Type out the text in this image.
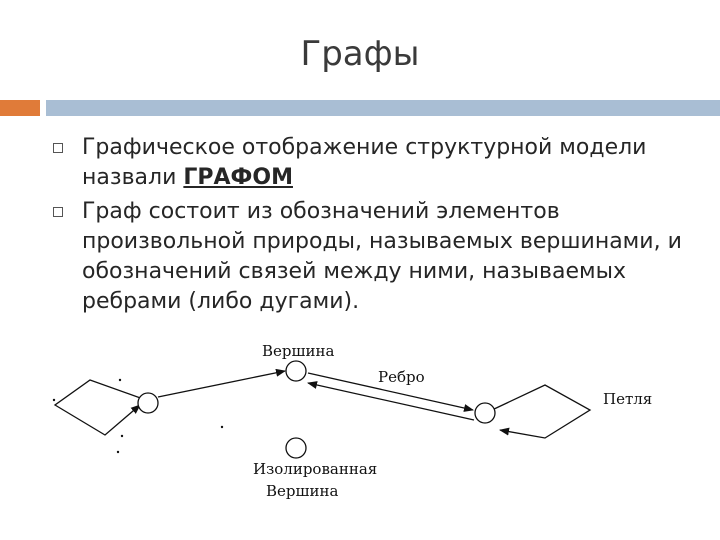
Графы
Графическое отображение структурной модели назвали ГРАФОМ
Граф состоит из обозначений элементов произвольной природы, называемых вершинами, и обозначений связей между ними, называемых ребрами (либо дугами).
Вершина
Ребро
Петля
Изолированная
Вершина
